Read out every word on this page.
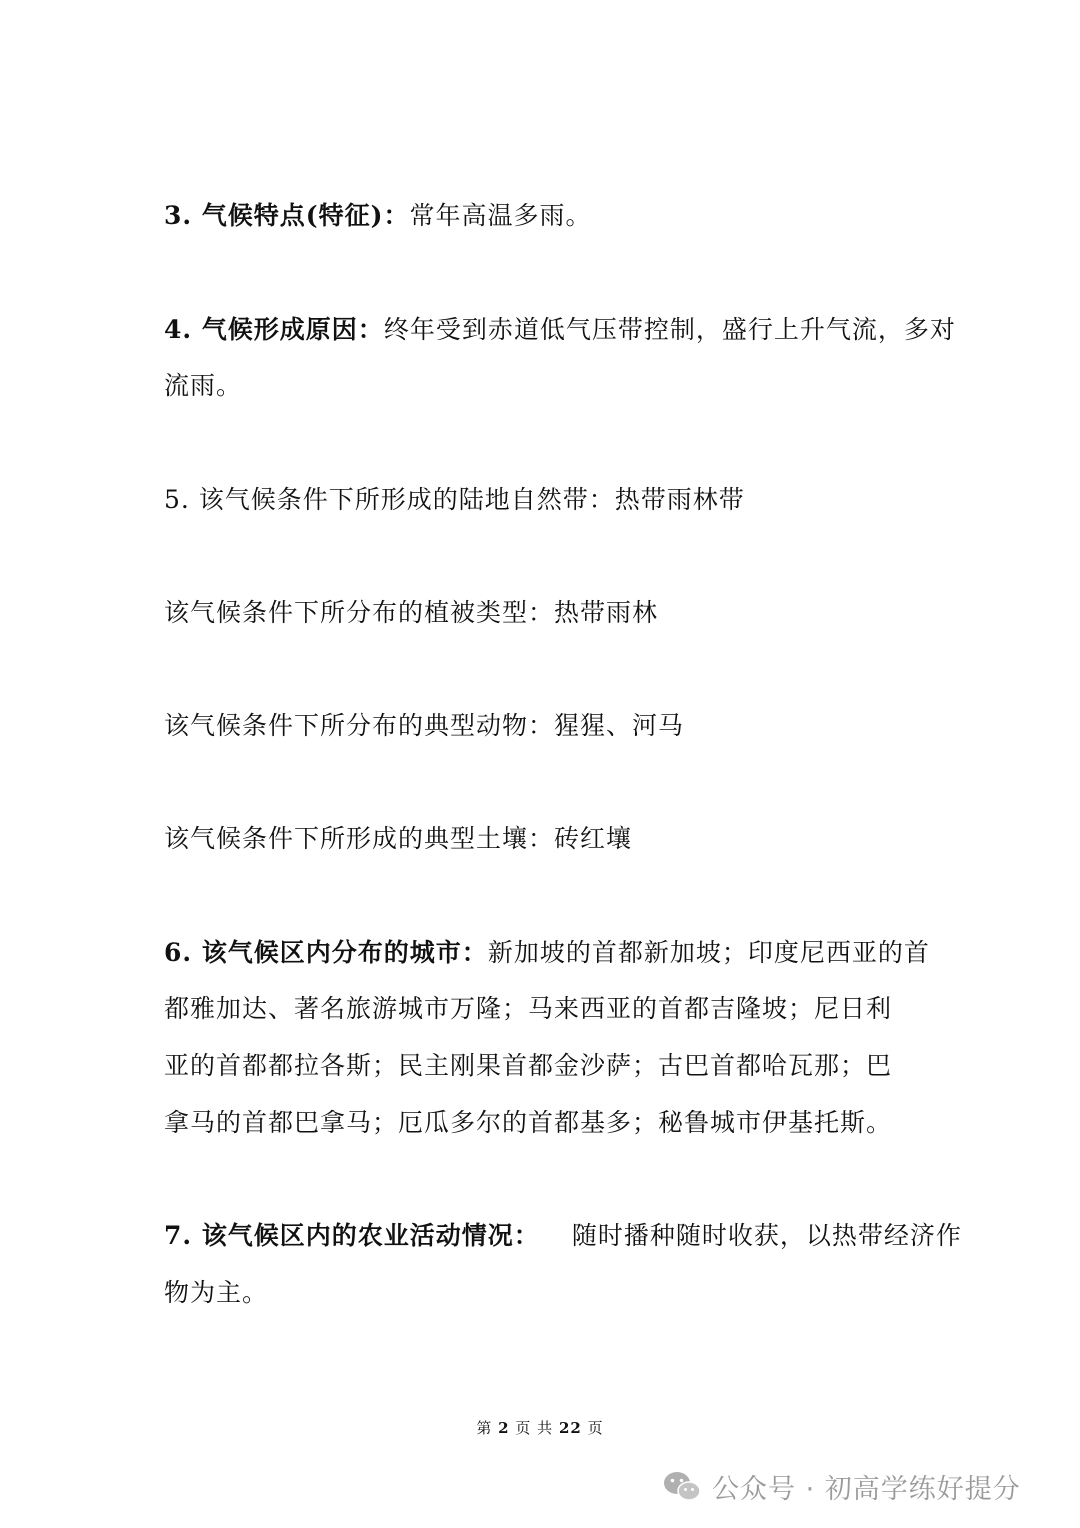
3. 气候特点(特征)：常年高温多雨。
4. 气候形成原因：终年受到赤道低气压带控制，盛行上升气流，多对
流雨。
5. 该气候条件下所形成的陆地自然带：热带雨林带
该气候条件下所分布的植被类型：热带雨林
该气候条件下所分布的典型动物：猩猩、河马
该气候条件下所形成的典型土壤：砖红壤
6. 该气候区内分布的城市：新加坡的首都新加坡；印度尼西亚的首
都雅加达、著名旅游城市万隆；马来西亚的首都吉隆坡；尼日利
亚的首都都拉各斯；民主刚果首都金沙萨；古巴首都哈瓦那；巴
拿马的首都巴拿马；厄瓜多尔的首都基多；秘鲁城市伊基托斯。
7. 该气候区内的农业活动情况： 随时播种随时收获，以热带经济作
物为主。
第 2 页 共 22 页
公众号 · 初高学练好提分
